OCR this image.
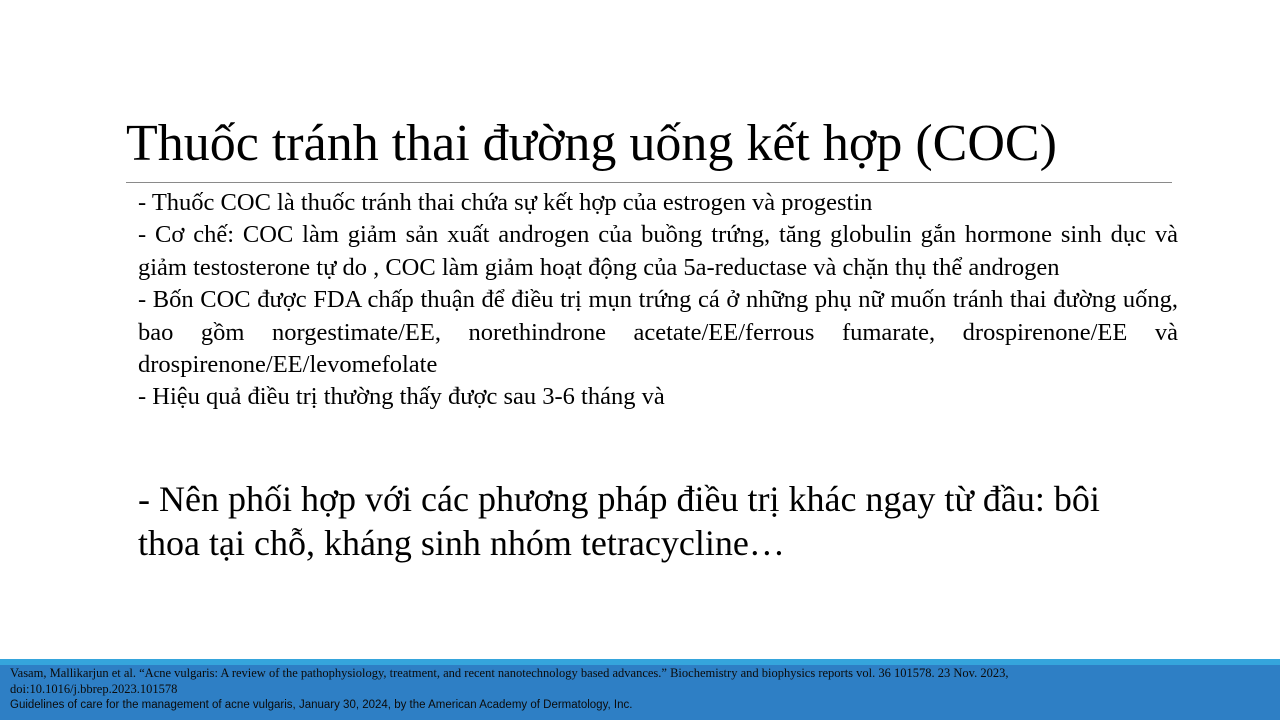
Thuốc tránh thai đường uống kết hợp (COC)

- Thuốc COC là thuốc tránh thai chứa sự kết hợp của estrogen và progestin

- Cơ chế: COC làm giảm sản xuất androgen của buồng trứng, tăng globulin gắn hormone sinh dục và giảm testosterone tự do , COC làm giảm hoạt động của 5a-reductase và chặn thụ thể androgen

- Bốn COC được FDA chấp thuận để điều trị mụn trứng cá ở những phụ nữ muốn tránh thai đường uống, bao gồm norgestimate/EE, norethindrone acetate/EE/ferrous fumarate, drospirenone/EE và drospirenone/EE/levomefolate

- Hiệu quả điều trị thường thấy được sau 3-6 tháng và

- Nên phối hợp với các phương pháp điều trị khác ngay từ đầu: bôi thoa tại chỗ, kháng sinh nhóm tetracycline…

Vasam, Mallikarjun et al. “Acne vulgaris: A review of the pathophysiology, treatment, and recent nanotechnology based advances.” Biochemistry and biophysics reports vol. 36 101578. 23 Nov. 2023,

doi:10.1016/j.bbrep.2023.101578

Guidelines of care for the management of acne vulgaris, January 30, 2024, by the American Academy of Dermatology, Inc.
